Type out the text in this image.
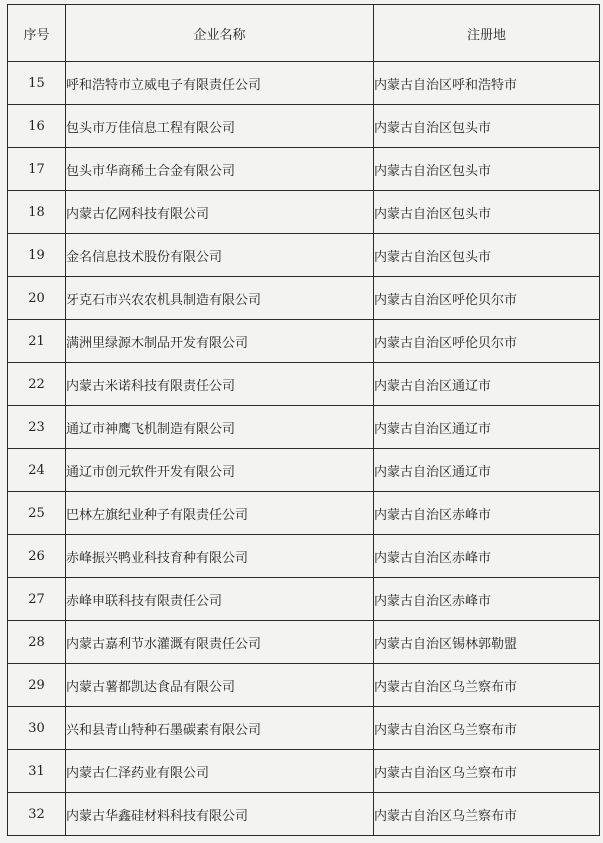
序号	企业名称	注册地
15	呼和浩特市立威电子有限责任公司	内蒙古自治区呼和浩特市
16	包头市万佳信息工程有限公司	内蒙古自治区包头市
17	包头市华商稀土合金有限公司	内蒙古自治区包头市
18	内蒙古亿网科技有限公司	内蒙古自治区包头市
19	金名信息技术股份有限公司	内蒙古自治区包头市
20	牙克石市兴农农机具制造有限公司	内蒙古自治区呼伦贝尔市
21	满洲里绿源木制品开发有限公司	内蒙古自治区呼伦贝尔市
22	内蒙古米诺科技有限责任公司	内蒙古自治区通辽市
23	通辽市神鹰飞机制造有限公司	内蒙古自治区通辽市
24	通辽市创元软件开发有限公司	内蒙古自治区通辽市
25	巴林左旗纪业种子有限责任公司	内蒙古自治区赤峰市
26	赤峰振兴鸭业科技育种有限公司	内蒙古自治区赤峰市
27	赤峰申联科技有限责任公司	内蒙古自治区赤峰市
28	内蒙古嘉利节水灌溉有限责任公司	内蒙古自治区锡林郭勒盟
29	内蒙古薯都凯达食品有限公司	内蒙古自治区乌兰察布市
30	兴和县青山特种石墨碳素有限公司	内蒙古自治区乌兰察布市
31	内蒙古仁泽药业有限公司	内蒙古自治区乌兰察布市
32	内蒙古华鑫硅材料科技有限公司	内蒙古自治区乌兰察布市
